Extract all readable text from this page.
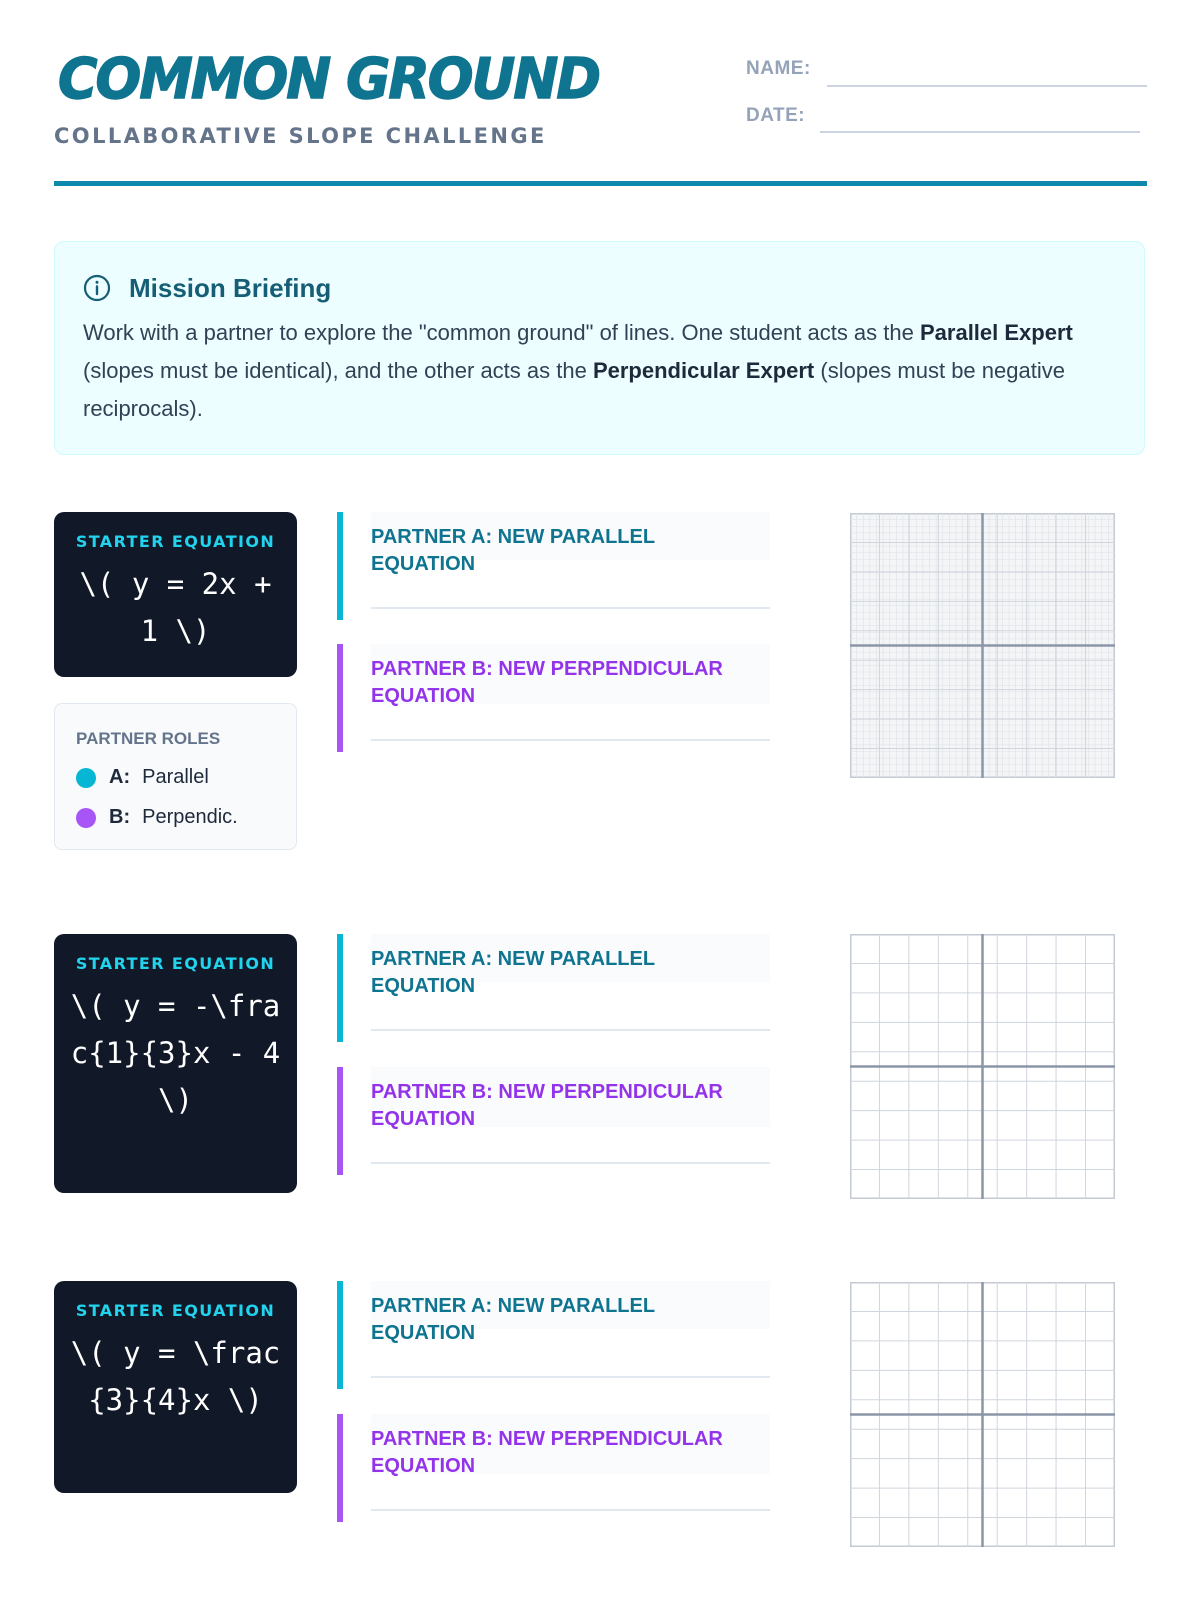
COMMON GROUND
COLLABORATIVE SLOPE CHALLENGE
NAME:
DATE:
Mission Briefing
Work with a partner to explore the "common ground" of lines. One student acts as the Parallel Expert (slopes must be identical), and the other acts as the Perpendicular Expert (slopes must be negative reciprocals).
STARTER EQUATION
\( y = 2x + 1 \)
PARTNER ROLES
A: Parallel
B: Perpendic.
PARTNER A: NEW PARALLEL EQUATION
PARTNER B: NEW PERPENDICULAR EQUATION
STARTER EQUATION
\( y = -\frac{1}{3}x - 4 \)
PARTNER A: NEW PARALLEL EQUATION
PARTNER B: NEW PERPENDICULAR EQUATION
STARTER EQUATION
\( y = \frac{3}{4}x \)
PARTNER A: NEW PARALLEL EQUATION
PARTNER B: NEW PERPENDICULAR EQUATION
